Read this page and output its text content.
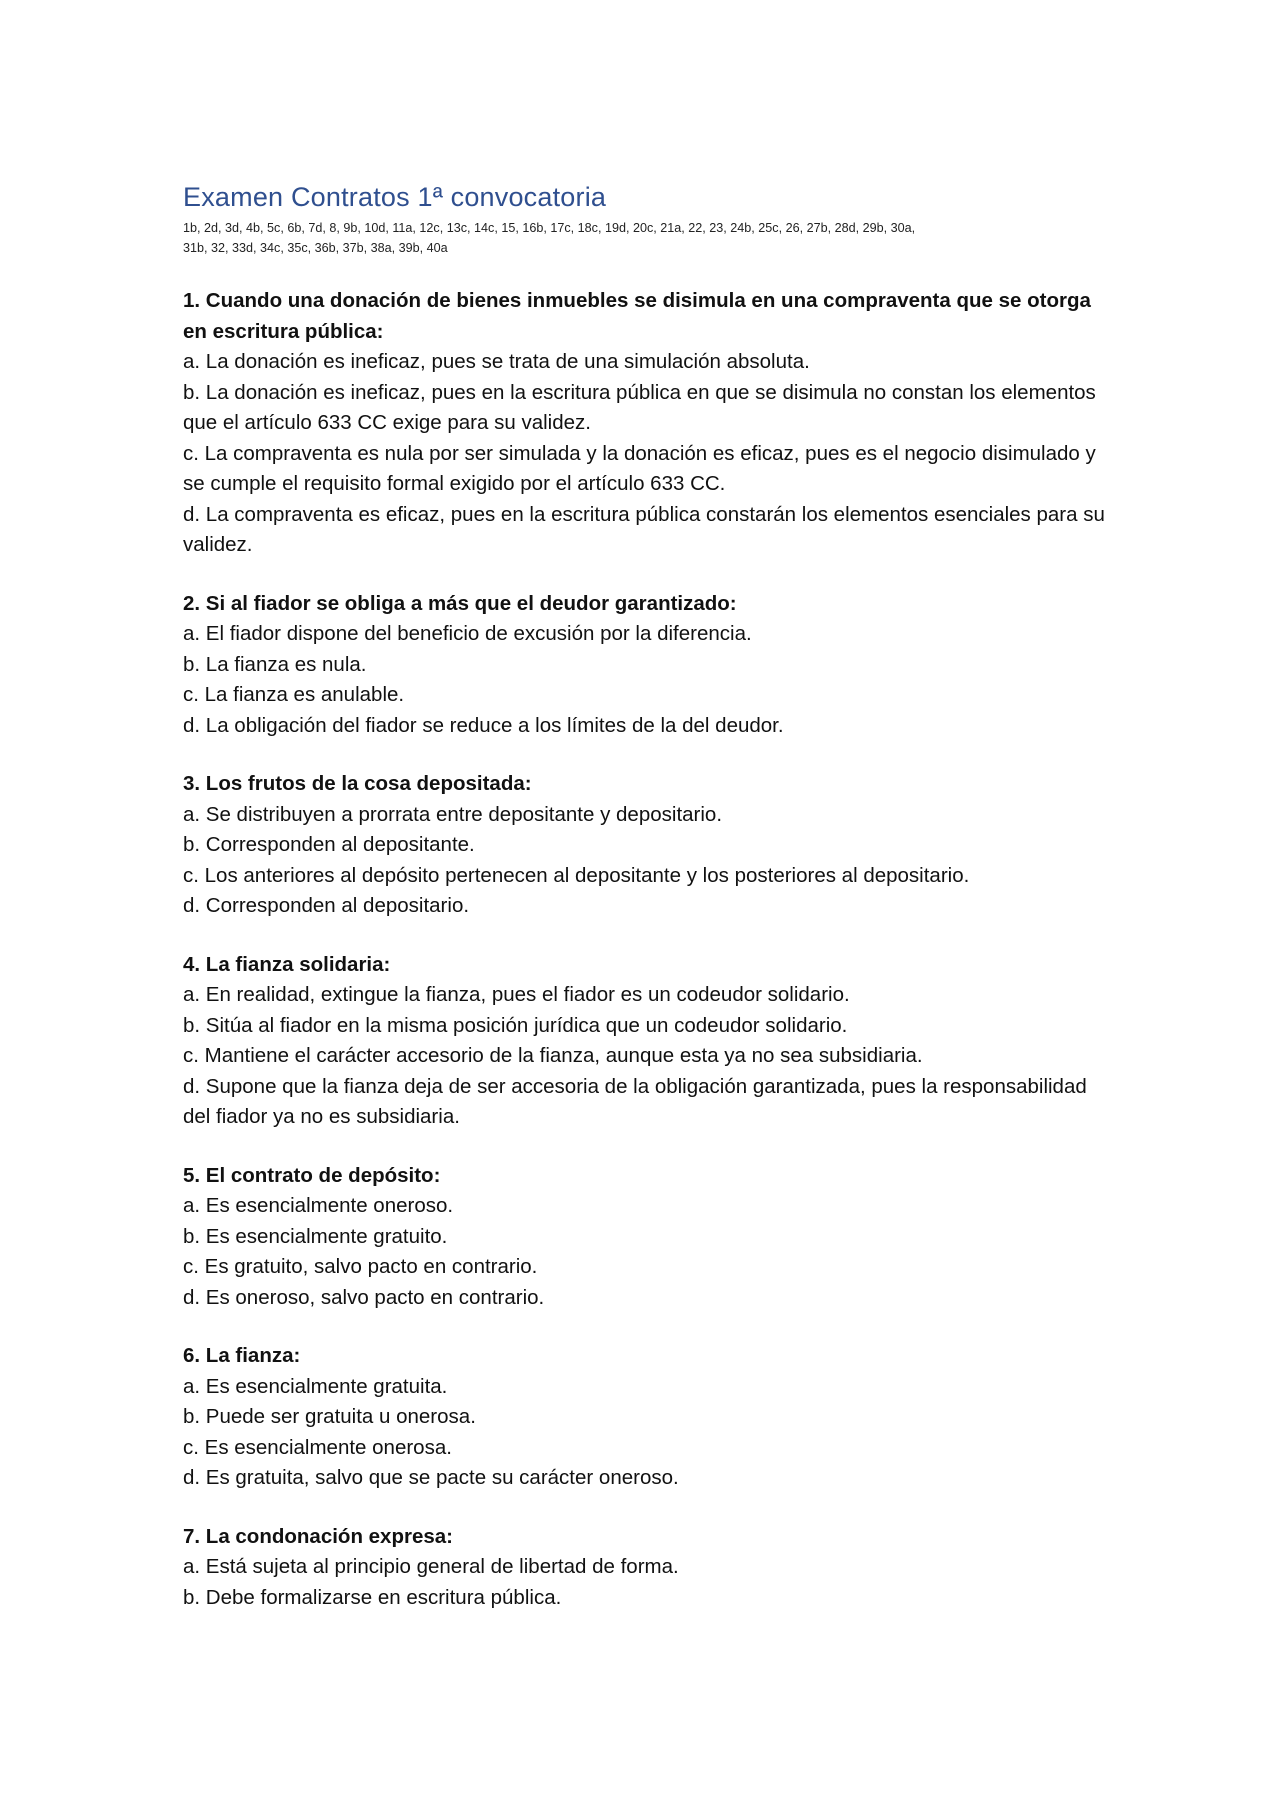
Examen Contratos 1ª convocatoria
1b, 2d, 3d, 4b, 5c, 6b, 7d, 8, 9b, 10d, 11a, 12c, 13c, 14c, 15, 16b, 17c, 18c, 19d, 20c, 21a, 22, 23, 24b, 25c, 26, 27b, 28d, 29b, 30a,
31b, 32, 33d, 34c, 35c, 36b, 37b, 38a, 39b, 40a

1. Cuando una donación de bienes inmuebles se disimula en una compraventa que se otorga en escritura pública:

a. La donación es ineficaz, pues se trata de una simulación absoluta.

b. La donación es ineficaz, pues en la escritura pública en que se disimula no constan los elementos que el artículo 633 CC exige para su validez.

c. La compraventa es nula por ser simulada y la donación es eficaz, pues es el negocio disimulado y se cumple el requisito formal exigido por el artículo 633 CC.

d. La compraventa es eficaz, pues en la escritura pública constarán los elementos esenciales para su validez.

2. Si al fiador se obliga a más que el deudor garantizado:

a. El fiador dispone del beneficio de excusión por la diferencia.

b. La fianza es nula.

c. La fianza es anulable.

d. La obligación del fiador se reduce a los límites de la del deudor.

3. Los frutos de la cosa depositada:

a. Se distribuyen a prorrata entre depositante y depositario.

b. Corresponden al depositante.

c. Los anteriores al depósito pertenecen al depositante y los posteriores al depositario.

d. Corresponden al depositario.

4. La fianza solidaria:

a. En realidad, extingue la fianza, pues el fiador es un codeudor solidario.

b. Sitúa al fiador en la misma posición jurídica que un codeudor solidario.

c. Mantiene el carácter accesorio de la fianza, aunque esta ya no sea subsidiaria.

d. Supone que la fianza deja de ser accesoria de la obligación garantizada, pues la responsabilidad del fiador ya no es subsidiaria.

5. El contrato de depósito:

a. Es esencialmente oneroso.

b. Es esencialmente gratuito.

c. Es gratuito, salvo pacto en contrario.

d. Es oneroso, salvo pacto en contrario.

6. La fianza:

a. Es esencialmente gratuita.

b. Puede ser gratuita u onerosa.

c. Es esencialmente onerosa.

d. Es gratuita, salvo que se pacte su carácter oneroso.

7. La condonación expresa:

a. Está sujeta al principio general de libertad de forma.

b. Debe formalizarse en escritura pública.
